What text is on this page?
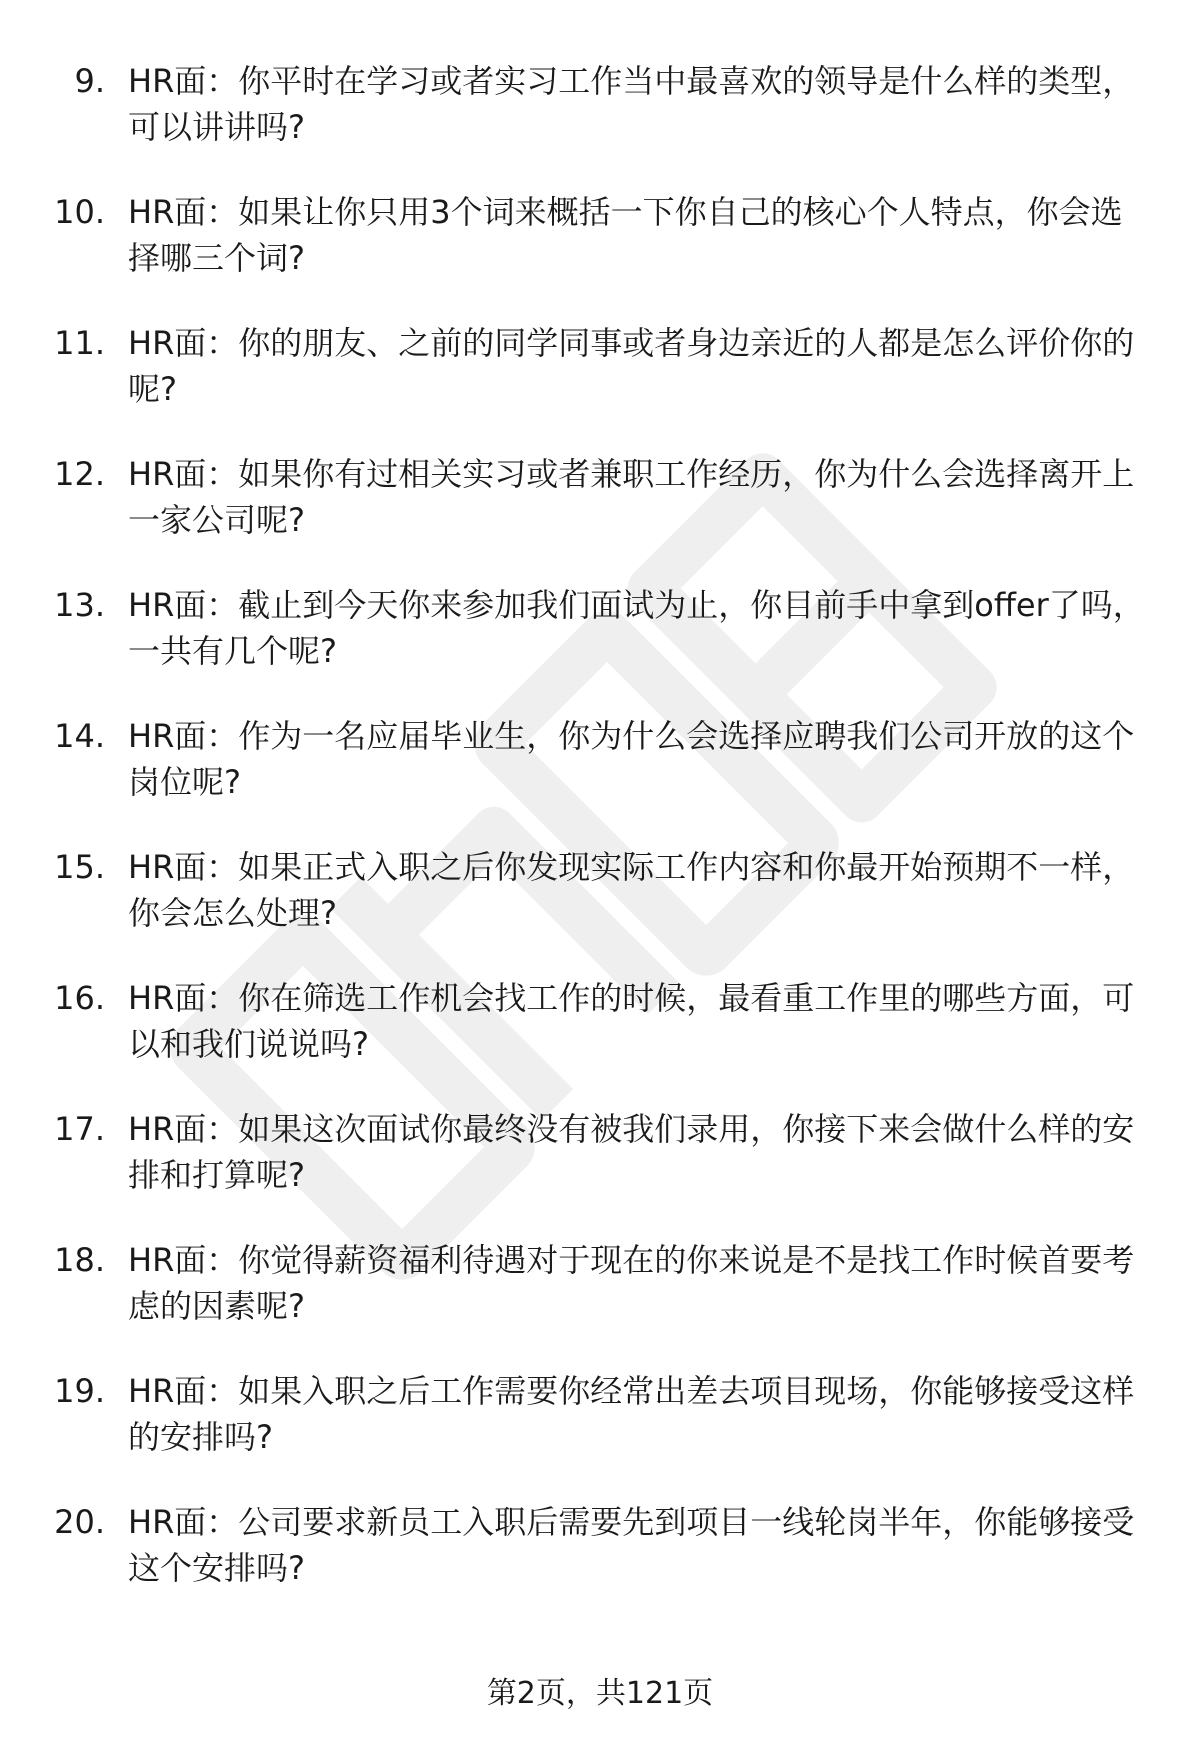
9. HR面：你平时在学习或者实习工作当中最喜欢的领导是什么样的类型，可以讲讲吗?
10. HR面：如果让你只用3个词来概括一下你自己的核心个人特点，你会选择哪三个词?
11. HR面：你的朋友、之前的同学同事或者身边亲近的人都是怎么评价你的呢?
12. HR面：如果你有过相关实习或者兼职工作经历，你为什么会选择离开上一家公司呢?
13. HR面：截止到今天你来参加我们面试为止，你目前手中拿到offer了吗，一共有几个呢?
14. HR面：作为一名应届毕业生，你为什么会选择应聘我们公司开放的这个岗位呢?
15. HR面：如果正式入职之后你发现实际工作内容和你最开始预期不一样，你会怎么处理?
16. HR面：你在筛选工作机会找工作的时候，最看重工作里的哪些方面，可以和我们说说吗?
17. HR面：如果这次面试你最终没有被我们录用，你接下来会做什么样的安排和打算呢?
18. HR面：你觉得薪资福利待遇对于现在的你来说是不是找工作时候首要考虑的因素呢?
19. HR面：如果入职之后工作需要你经常出差去项目现场，你能够接受这样的安排吗?
20. HR面：公司要求新员工入职后需要先到项目一线轮岗半年，你能够接受这个安排吗?
第2页，共121页
